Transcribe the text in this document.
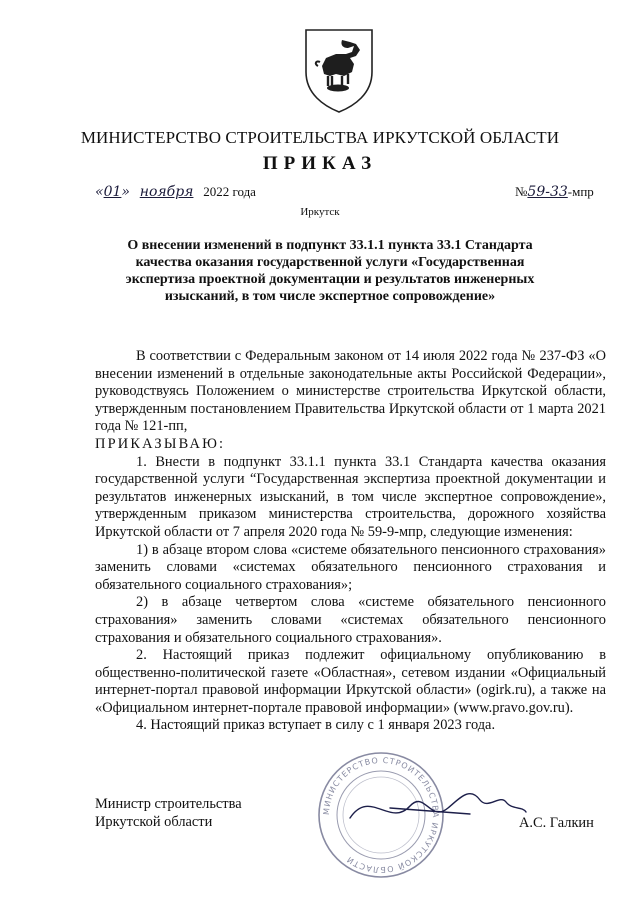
МИНИСТЕРСТВО СТРОИТЕЛЬСТВА ИРКУТСКОЙ ОБЛАСТИ
ПРИКАЗ
«01» ноября 2022 года	№59-33-мпр
Иркутск
О внесении изменений в подпункт 33.1.1 пункта 33.1 Стандарта качества оказания государственной услуги «Государственная экспертиза проектной документации и результатов инженерных изысканий, в том числе экспертное сопровождение»

В соответствии с Федеральным законом от 14 июля 2022 года № 237-ФЗ «О внесении изменений в отдельные законодательные акты Российской Федерации», руководствуясь Положением о министерстве строительства Иркутской области, утвержденным постановлением Правительства Иркутской области от 1 марта 2021 года № 121-пп,

ПРИКАЗЫВАЮ:

1. Внести в подпункт 33.1.1 пункта 33.1 Стандарта качества оказания государственной услуги “Государственная экспертиза проектной документации и результатов инженерных изысканий, в том числе экспертное сопровождение», утвержденным приказом министерства строительства, дорожного хозяйства Иркутской области от 7 апреля 2020 года № 59-9-мпр, следующие изменения:

1) в абзаце втором слова «системе обязательного пенсионного страхования» заменить словами «системах обязательного пенсионного страхования и обязательного социального страхования»;

2) в абзаце четвертом слова «системе обязательного пенсионного страхования» заменить словами «системах обязательного пенсионного страхования и обязательного социального страхования».

2. Настоящий приказ подлежит официальному опубликованию в общественно-политической газете «Областная», сетевом издании «Официальный интернет-портал правовой информации Иркутской области» (ogirk.ru), а также на «Официальном интернет-портале правовой информации» (www.pravo.gov.ru).

4. Настоящий приказ вступает в силу с 1 января 2023 года.

Министр строительства
Иркутской области	А.С. Галкин
МИНИСТЕРСТВО СТРОИТЕЛЬСТВА ИРКУТСКОЙ ОБЛАСТИ
